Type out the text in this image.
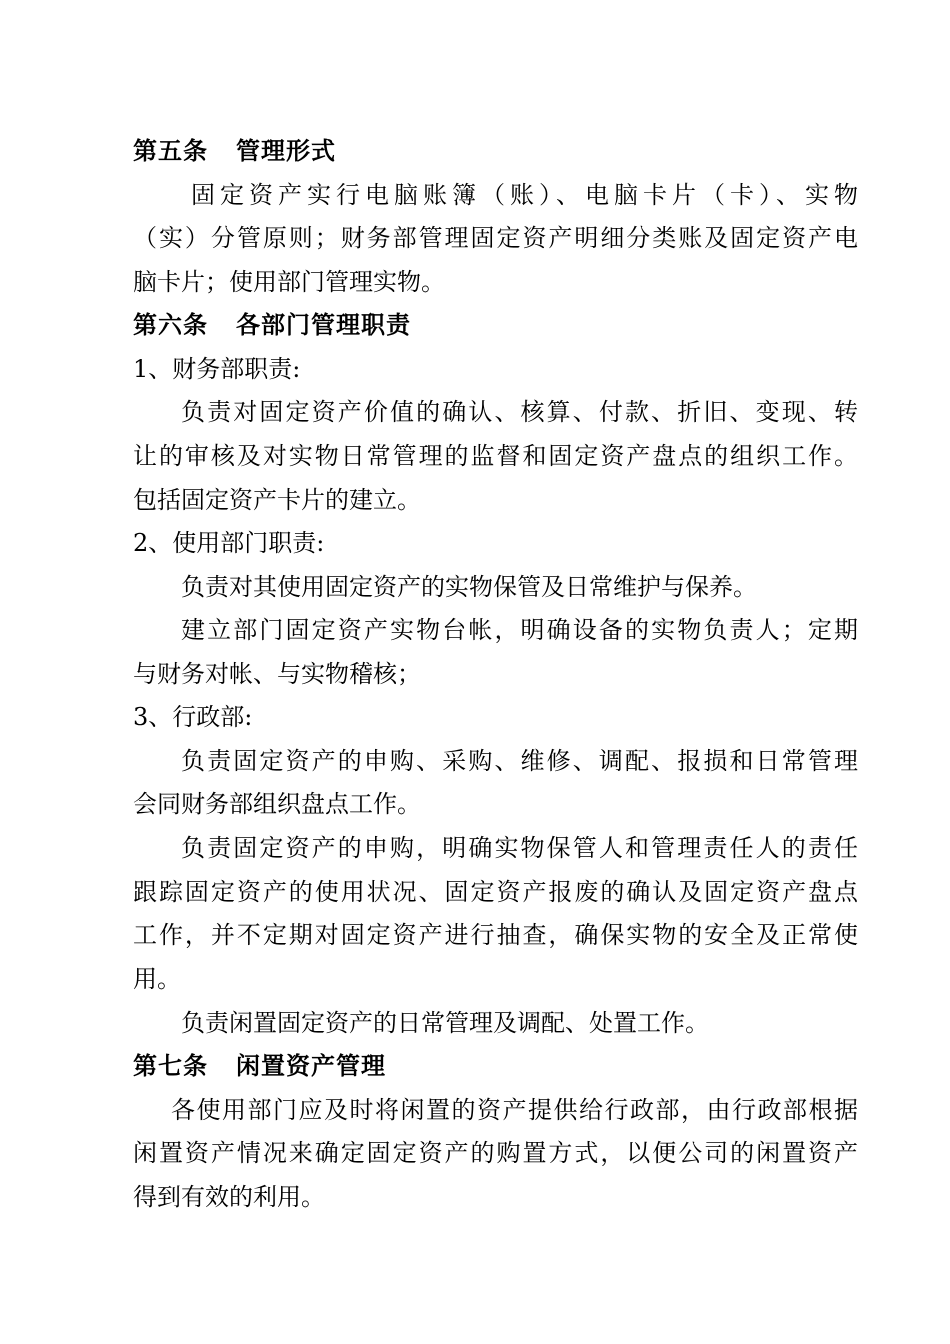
第五条 管理形式
固定资产实行电脑账簿（账）、电脑卡片（卡）、实物
（实）分管原则；财务部管理固定资产明细分类账及固定资产电
脑卡片；使用部门管理实物。
第六条 各部门管理职责
1、财务部职责:
负责对固定资产价值的确认、核算、付款、折旧、变现、转
让的审核及对实物日常管理的监督和固定资产盘点的组织工作。
包括固定资产卡片的建立。
2、使用部门职责:
负责对其使用固定资产的实物保管及日常维护与保养。
建立部门固定资产实物台帐，明确设备的实物负责人；定期
与财务对帐、与实物稽核；
3、行政部:
负责固定资产的申购、采购、维修、调配、报损和日常管理
会同财务部组织盘点工作。
负责固定资产的申购，明确实物保管人和管理责任人的责任
跟踪固定资产的使用状况、固定资产报废的确认及固定资产盘点
工作，并不定期对固定资产进行抽查，确保实物的安全及正常使
用。
负责闲置固定资产的日常管理及调配、处置工作。
第七条 闲置资产管理
各使用部门应及时将闲置的资产提供给行政部，由行政部根据
闲置资产情况来确定固定资产的购置方式，以便公司的闲置资产
得到有效的利用。
